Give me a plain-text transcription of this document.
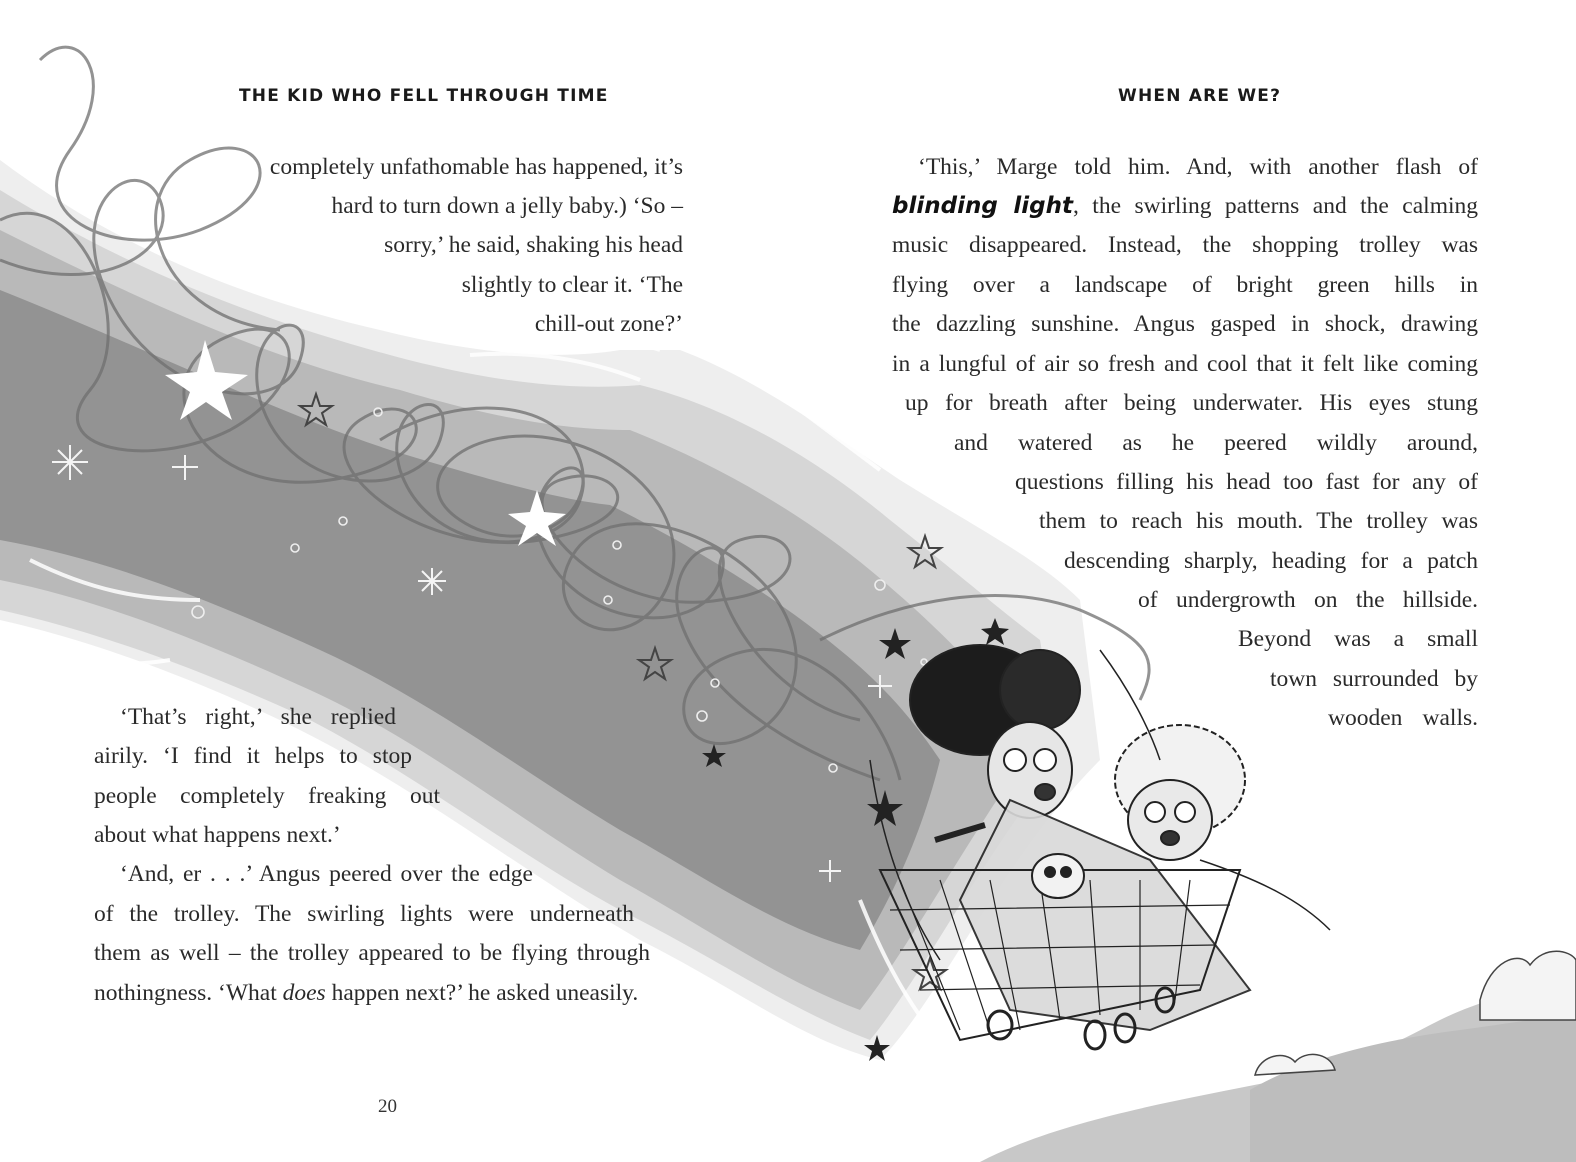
THE KID WHO FELL THROUGH TIME	WHEN ARE WE?
completely unfathomable has happened, it’s
hard to turn down a jelly baby.) ‘So –
sorry,’ he said, shaking his head
slightly to clear it. ‘The
chill-out zone?’
‘That’s right,’ she replied
airily. ‘I find it helps to stop
people completely freaking out
about what happens next.’
‘And, er . . .’ Angus peered over the edge
of the trolley. The swirling lights were underneath
them as well – the trolley appeared to be flying through
nothingness. ‘What does happen next?’ he asked uneasily.
20
‘This,’ Marge told him. And, with another flash of
blinding light, the swirling patterns and the calming
music disappeared. Instead, the shopping trolley was
flying over a landscape of bright green hills in
the dazzling sunshine. Angus gasped in shock, drawing
in a lungful of air so fresh and cool that it felt like coming
up for breath after being underwater. His eyes stung
and watered as he peered wildly around,
questions filling his head too fast for any of
them to reach his mouth. The trolley was
descending sharply, heading for a patch
of undergrowth on the hillside.
Beyond was a small
town surrounded by
wooden walls.
